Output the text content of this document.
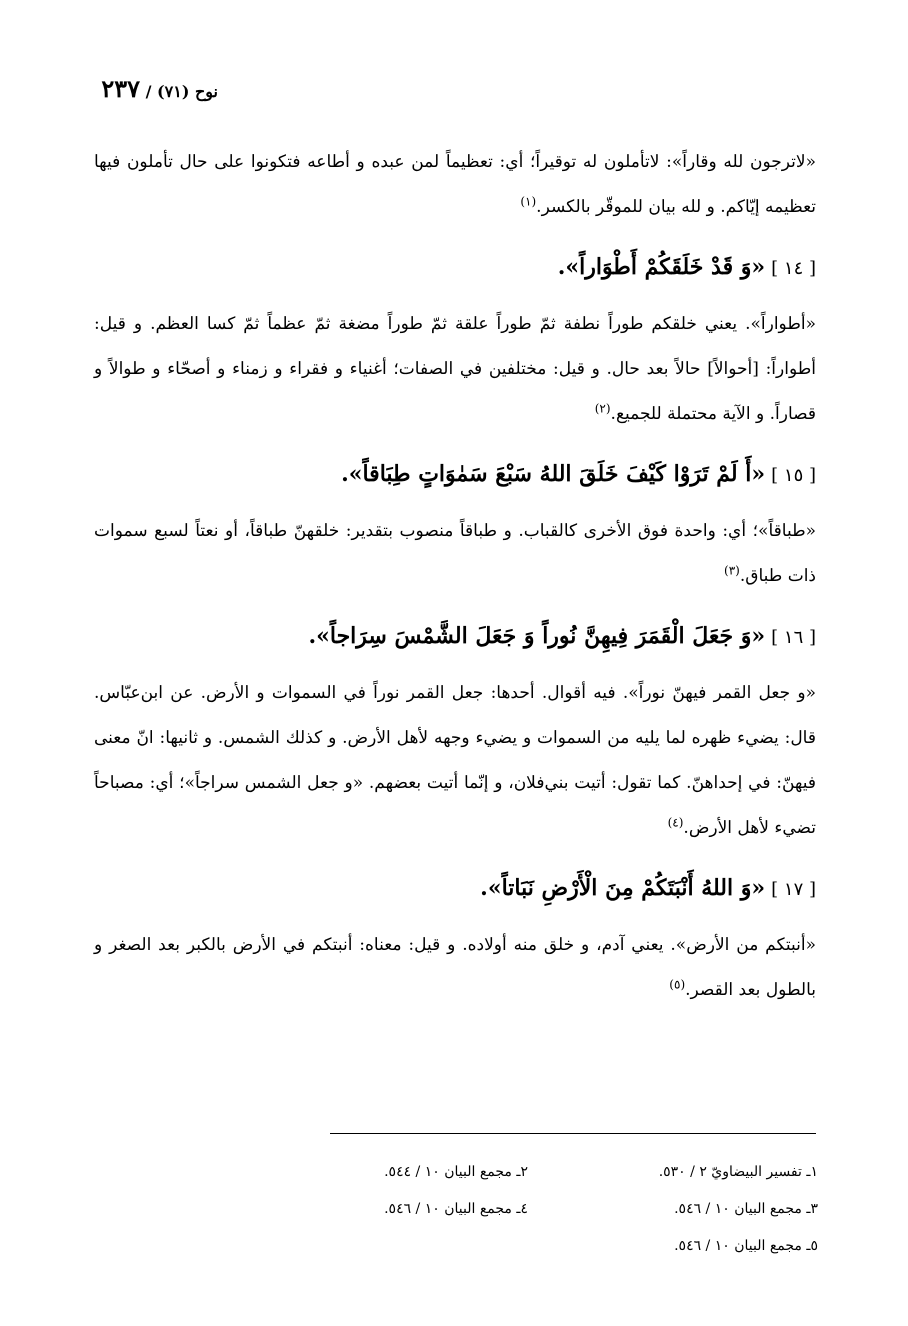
نوح (٧١) / ٢٣٧

«لاترجون لله وقاراً»: لاتأملون له توقيراً؛ أي: تعظيماً لمن عبده و أطاعه فتكونوا على حال تأملون فيها تعظيمه إيّاكم. و لله بيان للموقّر بالكسر.$^{(١)}$

[ ١٤ ]«وَ قَدْ خَلَقَكُمْ أَطْوَاراً».

«أطواراً». يعني خلقكم طوراً نطفة ثمّ طوراً علقة ثمّ طوراً مضغة ثمّ عظماً ثمّ كسا العظم. و قيل: أطواراً: [أحوالاً] حالاً بعد حال. و قيل: مختلفين في الصفات؛ أغنياء و فقراء و زمناء و أصحّاء و طوالاً و قصاراً. و الآية محتملة للجميع.$^{(٢)}$

[ ١٥ ]«أَ لَمْ تَرَوْا كَيْفَ خَلَقَ اللهُ سَبْعَ سَمٰوَاتٍ طِبَاقاً».

«طباقاً»؛ أي: واحدة فوق الأخرى كالقباب. و طباقاً منصوب بتقدير: خلقهنّ طباقاً، أو نعتاً لسبع سموات ذات طباق.$^{(٣)}$

[ ١٦ ]«وَ جَعَلَ الْقَمَرَ فِيهِنَّ نُوراً وَ جَعَلَ الشَّمْسَ سِرَاجاً».

«و جعل القمر فيهنّ نوراً». فيه أقوال. أحدها: جعل القمر نوراً في السموات و الأرض. عن ابن‌عبّاس. قال: يضيء ظهره لما يليه من السموات و يضيء وجهه لأهل الأرض. و كذلك الشمس. و ثانيها: انّ معنى فيهنّ: في إحداهنّ. كما تقول: أتيت بني‌فلان، و إنّما أتيت بعضهم. «و جعل الشمس سراجاً»؛ أي: مصباحاً تضيء لأهل الأرض.$^{(٤)}$

[ ١٧ ]«وَ اللهُ أَنْبَتَكُمْ مِنَ الْأَرْضِ نَبَاتاً».

«أنبتكم من الأرض». يعني آدم، و خلق منه أولاده. و قيل: معناه: أنبتكم في الأرض بالكبر بعد الصغر و بالطول بعد القصر.$^{(٥)}$

١ـ تفسير البيضاويّ ٢ / ٥٣٠.
٣ـ مجمع البيان ١٠ / ٥٤٦.
٥ـ مجمع البيان ١٠ / ٥٤٦.
٢ـ مجمع البيان ١٠ / ٥٤٤.
٤ـ مجمع البيان ١٠ / ٥٤٦.
